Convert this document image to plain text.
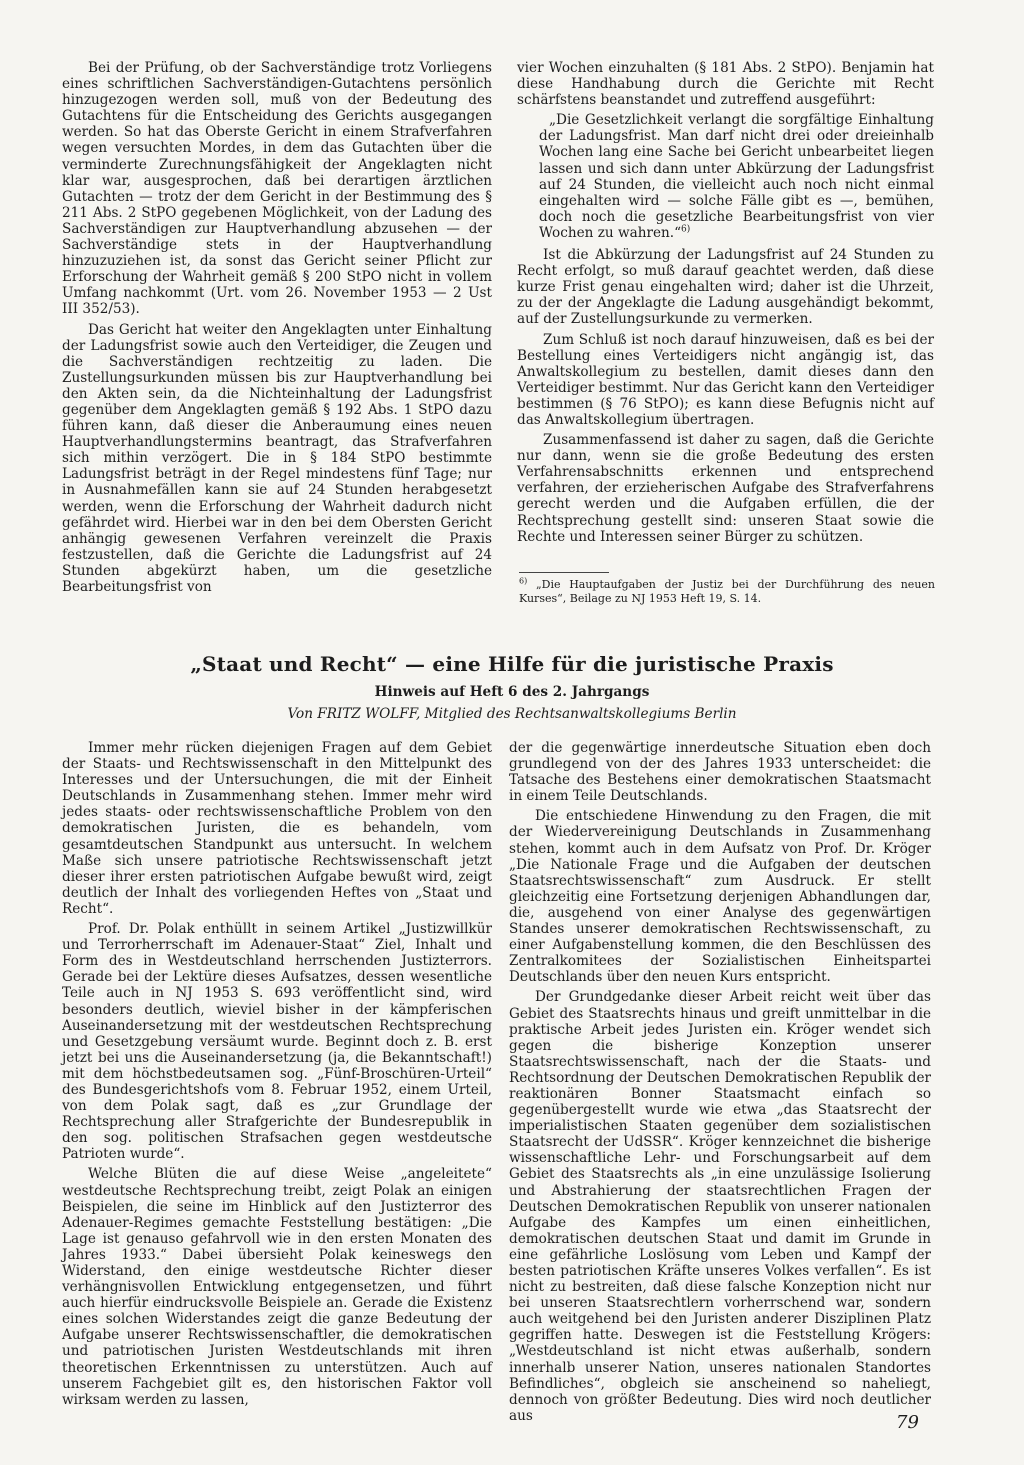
Bei der Prüfung, ob der Sachverständige trotz Vorliegens eines schriftlichen Sachverständigen-Gutachtens persönlich hinzugezogen werden soll, muß von der Bedeutung des Gutachtens für die Entscheidung des Gerichts ausgegangen werden. So hat das Oberste Gericht in einem Strafverfahren wegen versuchten Mordes, in dem das Gutachten über die verminderte Zurechnungsfähigkeit der Angeklagten nicht klar war, ausgesprochen, daß bei derartigen ärztlichen Gutachten — trotz der dem Gericht in der Bestimmung des § 211 Abs. 2 StPO gegebenen Möglichkeit, von der Ladung des Sachverständigen zur Hauptverhandlung abzusehen — der Sachverständige stets in der Hauptverhandlung hinzuzuziehen ist, da sonst das Gericht seiner Pflicht zur Erforschung der Wahrheit gemäß § 200 StPO nicht in vollem Umfang nachkommt (Urt. vom 26. November 1953 — 2 Ust III 352/53).

Das Gericht hat weiter den Angeklagten unter Einhaltung der Ladungsfrist sowie auch den Verteidiger, die Zeugen und die Sachverständigen rechtzeitig zu laden. Die Zustellungsurkunden müssen bis zur Hauptverhandlung bei den Akten sein, da die Nichteinhaltung der Ladungsfrist gegenüber dem Angeklagten gemäß § 192 Abs. 1 StPO dazu führen kann, daß dieser die Anberaumung eines neuen Hauptverhandlungstermins beantragt, das Strafverfahren sich mithin verzögert. Die in § 184 StPO bestimmte Ladungsfrist beträgt in der Regel mindestens fünf Tage; nur in Ausnahmefällen kann sie auf 24 Stunden herabgesetzt werden, wenn die Erforschung der Wahrheit dadurch nicht gefährdet wird. Hierbei war in den bei dem Obersten Gericht anhängig gewesenen Verfahren vereinzelt die Praxis festzustellen, daß die Gerichte die Ladungsfrist auf 24 Stunden abgekürzt haben, um die gesetzliche Bearbeitungsfrist von

vier Wochen einzuhalten (§ 181 Abs. 2 StPO). Benjamin hat diese Handhabung durch die Gerichte mit Recht schärfstens beanstandet und zutreffend ausgeführt:

„Die Gesetzlichkeit verlangt die sorgfältige Einhaltung der Ladungsfrist. Man darf nicht drei oder dreieinhalb Wochen lang eine Sache bei Gericht unbearbeitet liegen lassen und sich dann unter Abkürzung der Ladungsfrist auf 24 Stunden, die vielleicht auch noch nicht einmal eingehalten wird — solche Fälle gibt es —, bemühen, doch noch die gesetzliche Bearbeitungsfrist von vier Wochen zu wahren.“$^{6)}$

Ist die Abkürzung der Ladungsfrist auf 24 Stunden zu Recht erfolgt, so muß darauf geachtet werden, daß diese kurze Frist genau eingehalten wird; daher ist die Uhrzeit, zu der der Angeklagte die Ladung ausgehändigt bekommt, auf der Zustellungsurkunde zu vermerken.

Zum Schluß ist noch darauf hinzuweisen, daß es bei der Bestellung eines Verteidigers nicht angängig ist, das Anwaltskollegium zu bestellen, damit dieses dann den Verteidiger bestimmt. Nur das Gericht kann den Verteidiger bestimmen (§ 76 StPO); es kann diese Befugnis nicht auf das Anwaltskollegium übertragen.

Zusammenfassend ist daher zu sagen, daß die Gerichte nur dann, wenn sie die große Bedeutung des ersten Verfahrensabschnitts erkennen und entsprechend verfahren, der erzieherischen Aufgabe des Strafverfahrens gerecht werden und die Aufgaben erfüllen, die der Rechtsprechung gestellt sind: unseren Staat sowie die Rechte und Interessen seiner Bürger zu schützen.

$^{6)}$ „Die Hauptaufgaben der Justiz bei der Durchführung des neuen Kurses“, Beilage zu NJ 1953 Heft 19, S. 14.
„Staat und Recht“ — eine Hilfe für die juristische Praxis
Hinweis auf Heft 6 des 2. Jahrgangs
Von FRITZ WOLFF, Mitglied des Rechtsanwaltskollegiums Berlin

Immer mehr rücken diejenigen Fragen auf dem Gebiet der Staats- und Rechtswissenschaft in den Mittelpunkt des Interesses und der Untersuchungen, die mit der Einheit Deutschlands in Zusammenhang stehen. Immer mehr wird jedes staats- oder rechtswissenschaftliche Problem von den demokratischen Juristen, die es behandeln, vom gesamtdeutschen Standpunkt aus untersucht. In welchem Maße sich unsere patriotische Rechtswissenschaft jetzt dieser ihrer ersten patriotischen Aufgabe bewußt wird, zeigt deutlich der Inhalt des vorliegenden Heftes von „Staat und Recht“.

Prof. Dr. Polak enthüllt in seinem Artikel „Justizwillkür und Terrorherrschaft im Adenauer-Staat“ Ziel, Inhalt und Form des in Westdeutschland herrschenden Justizterrors. Gerade bei der Lektüre dieses Aufsatzes, dessen wesentliche Teile auch in NJ 1953 S. 693 veröffentlicht sind, wird besonders deutlich, wieviel bisher in der kämpferischen Auseinandersetzung mit der westdeutschen Rechtsprechung und Gesetzgebung versäumt wurde. Beginnt doch z. B. erst jetzt bei uns die Auseinandersetzung (ja, die Bekanntschaft!) mit dem höchstbedeutsamen sog. „Fünf-Broschüren-Urteil“ des Bundesgerichtshofs vom 8. Februar 1952, einem Urteil, von dem Polak sagt, daß es „zur Grundlage der Rechtsprechung aller Strafgerichte der Bundesrepublik in den sog. politischen Strafsachen gegen westdeutsche Patrioten wurde“.

Welche Blüten die auf diese Weise „angeleitete“ westdeutsche Rechtsprechung treibt, zeigt Polak an einigen Beispielen, die seine im Hinblick auf den Justizterror des Adenauer-Regimes gemachte Feststellung bestätigen: „Die Lage ist genauso gefahrvoll wie in den ersten Monaten des Jahres 1933.“ Dabei übersieht Polak keineswegs den Widerstand, den einige westdeutsche Richter dieser verhängnisvollen Entwicklung entgegensetzen, und führt auch hierfür eindrucksvolle Beispiele an. Gerade die Existenz eines solchen Widerstandes zeigt die ganze Bedeutung der Aufgabe unserer Rechtswissenschaftler, die demokratischen und patriotischen Juristen Westdeutschlands mit ihren theoretischen Erkenntnissen zu unterstützen. Auch auf unserem Fachgebiet gilt es, den historischen Faktor voll wirksam werden zu lassen,

der die gegenwärtige innerdeutsche Situation eben doch grundlegend von der des Jahres 1933 unterscheidet: die Tatsache des Bestehens einer demokratischen Staatsmacht in einem Teile Deutschlands.

Die entschiedene Hinwendung zu den Fragen, die mit der Wiedervereinigung Deutschlands in Zusammenhang stehen, kommt auch in dem Aufsatz von Prof. Dr. Kröger „Die Nationale Frage und die Aufgaben der deutschen Staatsrechtswissenschaft“ zum Ausdruck. Er stellt gleichzeitig eine Fortsetzung derjenigen Abhandlungen dar, die, ausgehend von einer Analyse des gegenwärtigen Standes unserer demokratischen Rechtswissenschaft, zu einer Aufgabenstellung kommen, die den Beschlüssen des Zentralkomitees der Sozialistischen Einheitspartei Deutschlands über den neuen Kurs entspricht.

Der Grundgedanke dieser Arbeit reicht weit über das Gebiet des Staatsrechts hinaus und greift unmittelbar in die praktische Arbeit jedes Juristen ein. Kröger wendet sich gegen die bisherige Konzeption unserer Staatsrechtswissenschaft, nach der die Staats- und Rechtsordnung der Deutschen Demokratischen Republik der reaktionären Bonner Staatsmacht einfach so gegenübergestellt wurde wie etwa „das Staatsrecht der imperialistischen Staaten gegenüber dem sozialistischen Staatsrecht der UdSSR“. Kröger kennzeichnet die bisherige wissenschaftliche Lehr- und Forschungsarbeit auf dem Gebiet des Staatsrechts als „in eine unzulässige Isolierung und Abstrahierung der staatsrechtlichen Fragen der Deutschen Demokratischen Republik von unserer nationalen Aufgabe des Kampfes um einen einheitlichen, demokratischen deutschen Staat und damit im Grunde in eine gefährliche Loslösung vom Leben und Kampf der besten patriotischen Kräfte unseres Volkes verfallen“. Es ist nicht zu bestreiten, daß diese falsche Konzeption nicht nur bei unseren Staatsrechtlern vorherrschend war, sondern auch weitgehend bei den Juristen anderer Disziplinen Platz gegriffen hatte. Deswegen ist die Feststellung Krögers: „Westdeutschland ist nicht etwas außerhalb, sondern innerhalb unserer Nation, unseres nationalen Standortes Befindliches“, obgleich sie anscheinend so naheliegt, dennoch von größter Bedeutung. Dies wird noch deutlicher aus	79
